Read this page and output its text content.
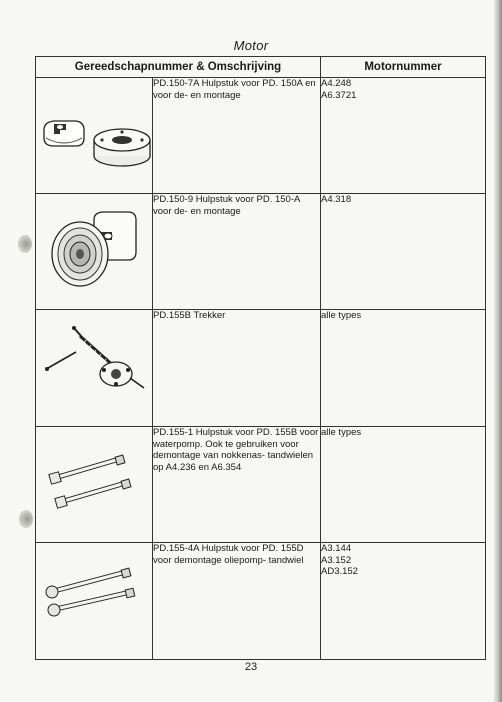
Motor
Gereedschapnummer & Omschrijving		Motornummer

	PD.150-7A Hulpstuk voor PD. 150A en voor de- en montage	A4.248
A6.3721

	PD.150-9 Hulpstuk voor PD. 150-A voor de- en montage	A4.318

	PD.155B Trekker	alle types

	PD.155-1 Hulpstuk voor PD. 155B voor waterpomp. Ook te gebruiken voor demontage van nokkenas- tandwielen op A4.236 en A6.354	alle types

	PD.155-4A Hulpstuk voor PD. 155D voor demontage oliepomp- tandwiel	A3.144
A3.152
AD3.152
23
